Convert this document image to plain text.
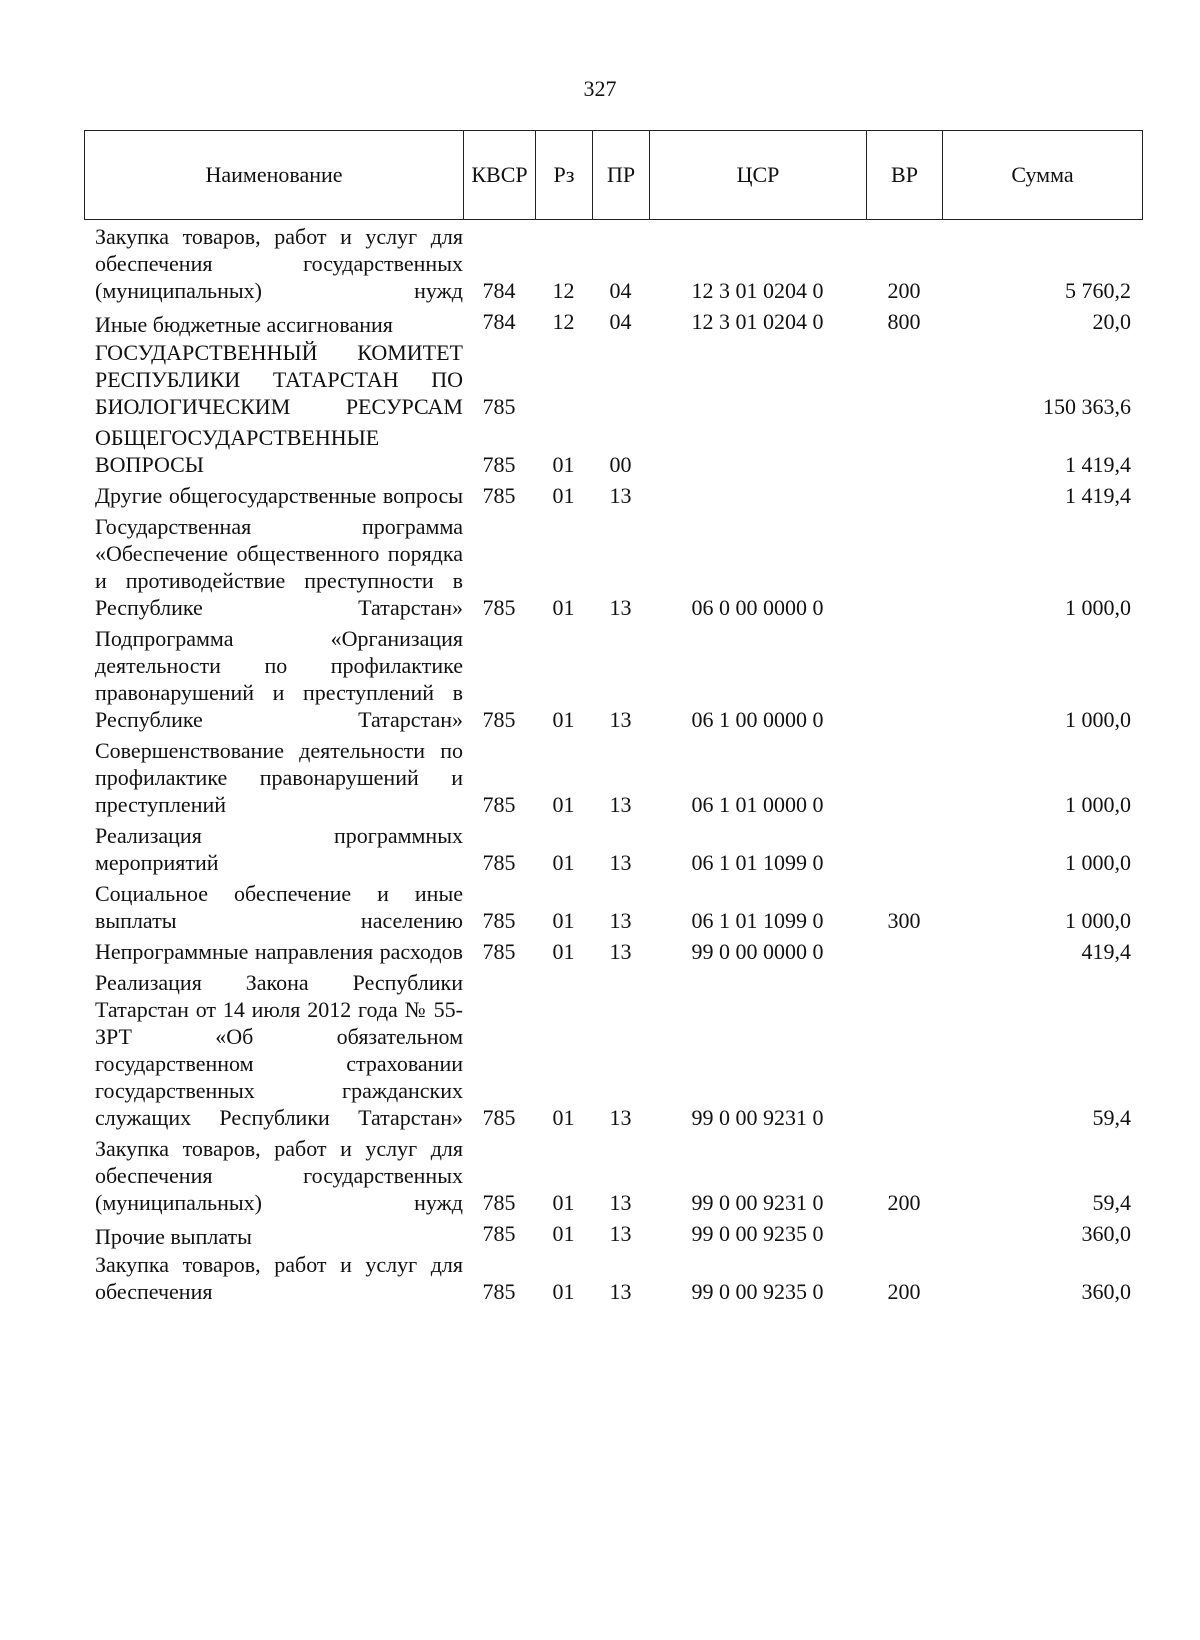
327
Наименование	КВСР	Рз	ПР	ЦСР	ВР	Сумма
Закупка товаров, работ и услуг для обеспечения государственных (муниципальных) нужд	784	12	04	12 3 01 0204 0	200	5 760,2
Иные бюджетные ассигнования	784	12	04	12 3 01 0204 0	800	20,0
ГОСУДАРСТВЕННЫЙ КОМИТЕТ РЕСПУБЛИКИ ТАТАРСТАН ПО БИОЛОГИЧЕСКИМ РЕСУРСАМ	785					150 363,6
ОБЩЕГОСУДАРСТВЕННЫЕ ВОПРОСЫ	785	01	00			1 419,4
Другие общегосударственные вопросы	785	01	13			1 419,4
Государственная программа «Обеспечение общественного порядка и противодействие преступности в Республике Татарстан»	785	01	13	06 0 00 0000 0		1 000,0
Подпрограмма «Организация деятельности по профилактике правонарушений и преступлений в Республике Татарстан»	785	01	13	06 1 00 0000 0		1 000,0
Совершенствование деятельности по профилактике правонарушений и преступлений	785	01	13	06 1 01 0000 0		1 000,0
Реализация программных мероприятий	785	01	13	06 1 01 1099 0		1 000,0
Социальное обеспечение и иные выплаты населению	785	01	13	06 1 01 1099 0	300	1 000,0
Непрограммные направления расходов	785	01	13	99 0 00 0000 0		419,4
Реализация Закона Республики Татарстан от 14 июля 2012 года № 55-ЗРТ «Об обязательном государственном страховании государственных гражданских служащих Республики Татарстан»	785	01	13	99 0 00 9231 0		59,4
Закупка товаров, работ и услуг для обеспечения государственных (муниципальных) нужд	785	01	13	99 0 00 9231 0	200	59,4
Прочие выплаты	785	01	13	99 0 00 9235 0		360,0
Закупка товаров, работ и услуг для обеспечения	785	01	13	99 0 00 9235 0	200	360,0
